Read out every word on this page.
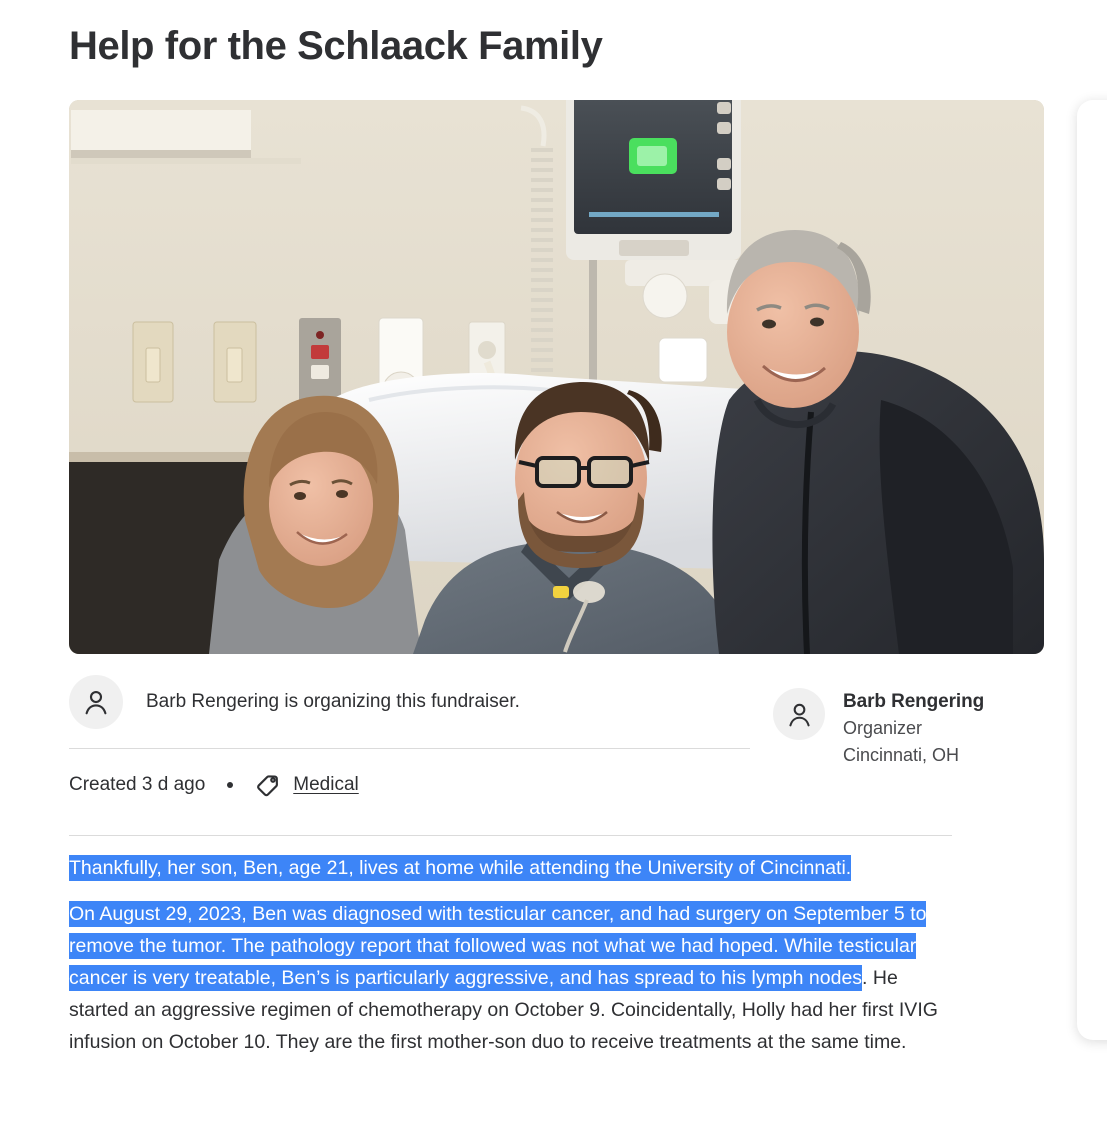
Help for the Schlaack Family
Barb Rengering is organizing this fundraiser.
Created 3 d ago	Medical

Thankfully, her son, Ben, age 21, lives at home while attending the University of Cincinnati.

On August 29, 2023, Ben was diagnosed with testicular cancer, and had surgery on September 5 to remove the tumor. The pathology report that followed was not what we had hoped. While testicular cancer is very treatable, Ben’s is particularly aggressive, and has spread to his lymph nodes. He started an aggressive regimen of chemotherapy on October 9. Coincidentally, Holly had her first IVIG infusion on October 10. They are the first mother-son duo to receive treatments at the same time.

Barb Rengering
Organizer
Cincinnati, OH
